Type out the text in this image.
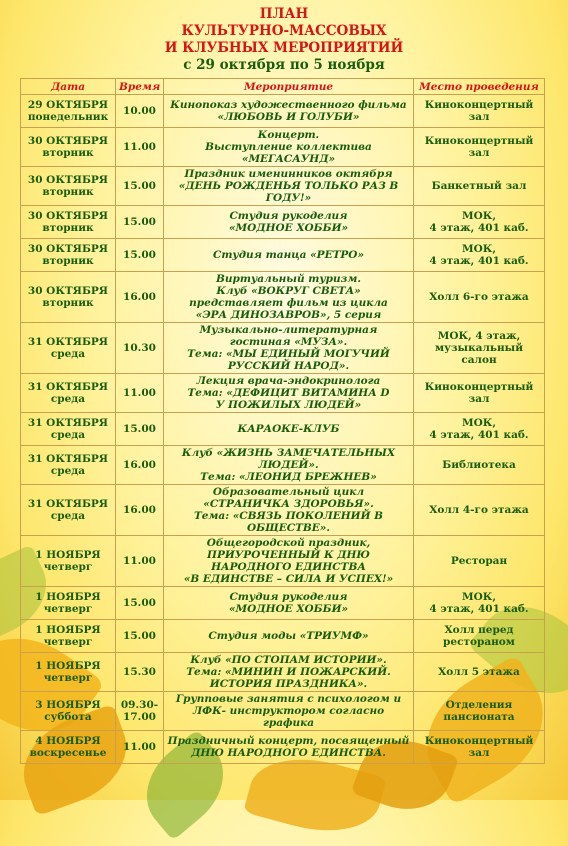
ПЛАН
КУЛЬТУРНО-МАССОВЫХ
И КЛУБНЫХ МЕРОПРИЯТИЙ
с 29 октября по 5 ноября
Дата	Время	Мероприятие	Место проведения

29 ОКТЯБРЯ
понедельник	10.00	Кинопоказ художественного фильма
«ЛЮБОВЬ И ГОЛУБИ»	Киноконцертный
зал

30 ОКТЯБРЯ
вторник	11.00	Концерт.
Выступление коллектива
«МЕГАСАУНД»	Киноконцертный
зал

30 ОКТЯБРЯ
вторник	15.00	Праздник именинников октября
«ДЕНЬ РОЖДЕНЬЯ ТОЛЬКО РАЗ В
ГОДУ!»	Банкетный зал

30 ОКТЯБРЯ
вторник	15.00	Студия рукоделия
«МОДНОЕ ХОББИ»	МОК,
4 этаж, 401 каб.

30 ОКТЯБРЯ
вторник	15.00	Студия танца «РЕТРО»	МОК,
4 этаж, 401 каб.

30 ОКТЯБРЯ
вторник	16.00	Виртуальный туризм.
Клуб «ВОКРУГ СВЕТА»
представляет фильм из цикла
«ЭРА ДИНОЗАВРОВ», 5 серия	Холл 6-го этажа

31 ОКТЯБРЯ
среда	10.30	Музыкально-литературная
гостиная «МУЗА».
Тема: «МЫ ЕДИНЫЙ МОГУЧИЙ
РУССКИЙ НАРОД».	МОК, 4 этаж,
музыкальный
салон

31 ОКТЯБРЯ
среда	11.00	Лекция врача-эндокринолога
Тема: «ДЕФИЦИТ ВИТАМИНА D
У ПОЖИЛЫХ ЛЮДЕЙ»	Киноконцертный
зал

31 ОКТЯБРЯ
среда	15.00	КАРАОКЕ-КЛУБ	МОК,
4 этаж, 401 каб.

31 ОКТЯБРЯ
среда	16.00	Клуб «ЖИЗНЬ ЗАМЕЧАТЕЛЬНЫХ
ЛЮДЕЙ».
Тема: «ЛЕОНИД БРЕЖНЕВ»	Библиотека

31 ОКТЯБРЯ
среда	16.00	Образовательный цикл
«СТРАНИЧКА ЗДОРОВЬЯ».
Тема: «СВЯЗЬ ПОКОЛЕНИЙ В
ОБЩЕСТВЕ».	Холл 4-го этажа

1 НОЯБРЯ
четверг	11.00	Общегородской праздник,
ПРИУРОЧЕННЫЙ К ДНЮ
НАРОДНОГО ЕДИНСТВА
«В ЕДИНСТВЕ – СИЛА И УСПЕХ!»	Ресторан

1 НОЯБРЯ
четверг	15.00	Студия рукоделия
«МОДНОЕ ХОББИ»	МОК,
4 этаж, 401 каб.

1 НОЯБРЯ
четверг	15.00	Студия моды «ТРИУМФ»	Холл перед
рестораном

1 НОЯБРЯ
четверг	15.30	Клуб «ПО СТОПАМ ИСТОРИИ».
Тема: «МИНИН И ПОЖАРСКИЙ.
ИСТОРИЯ ПРАЗДНИКА».	Холл 5 этажа

3 НОЯБРЯ
суббота	09.30-
17.00	Групповые занятия с психологом и
ЛФК- инструктором согласно
графика	Отделения
пансионата

4 НОЯБРЯ
воскресенье	11.00	Праздничный концерт, посвященный
ДНЮ НАРОДНОГО ЕДИНСТВА.	Киноконцертный
зал
